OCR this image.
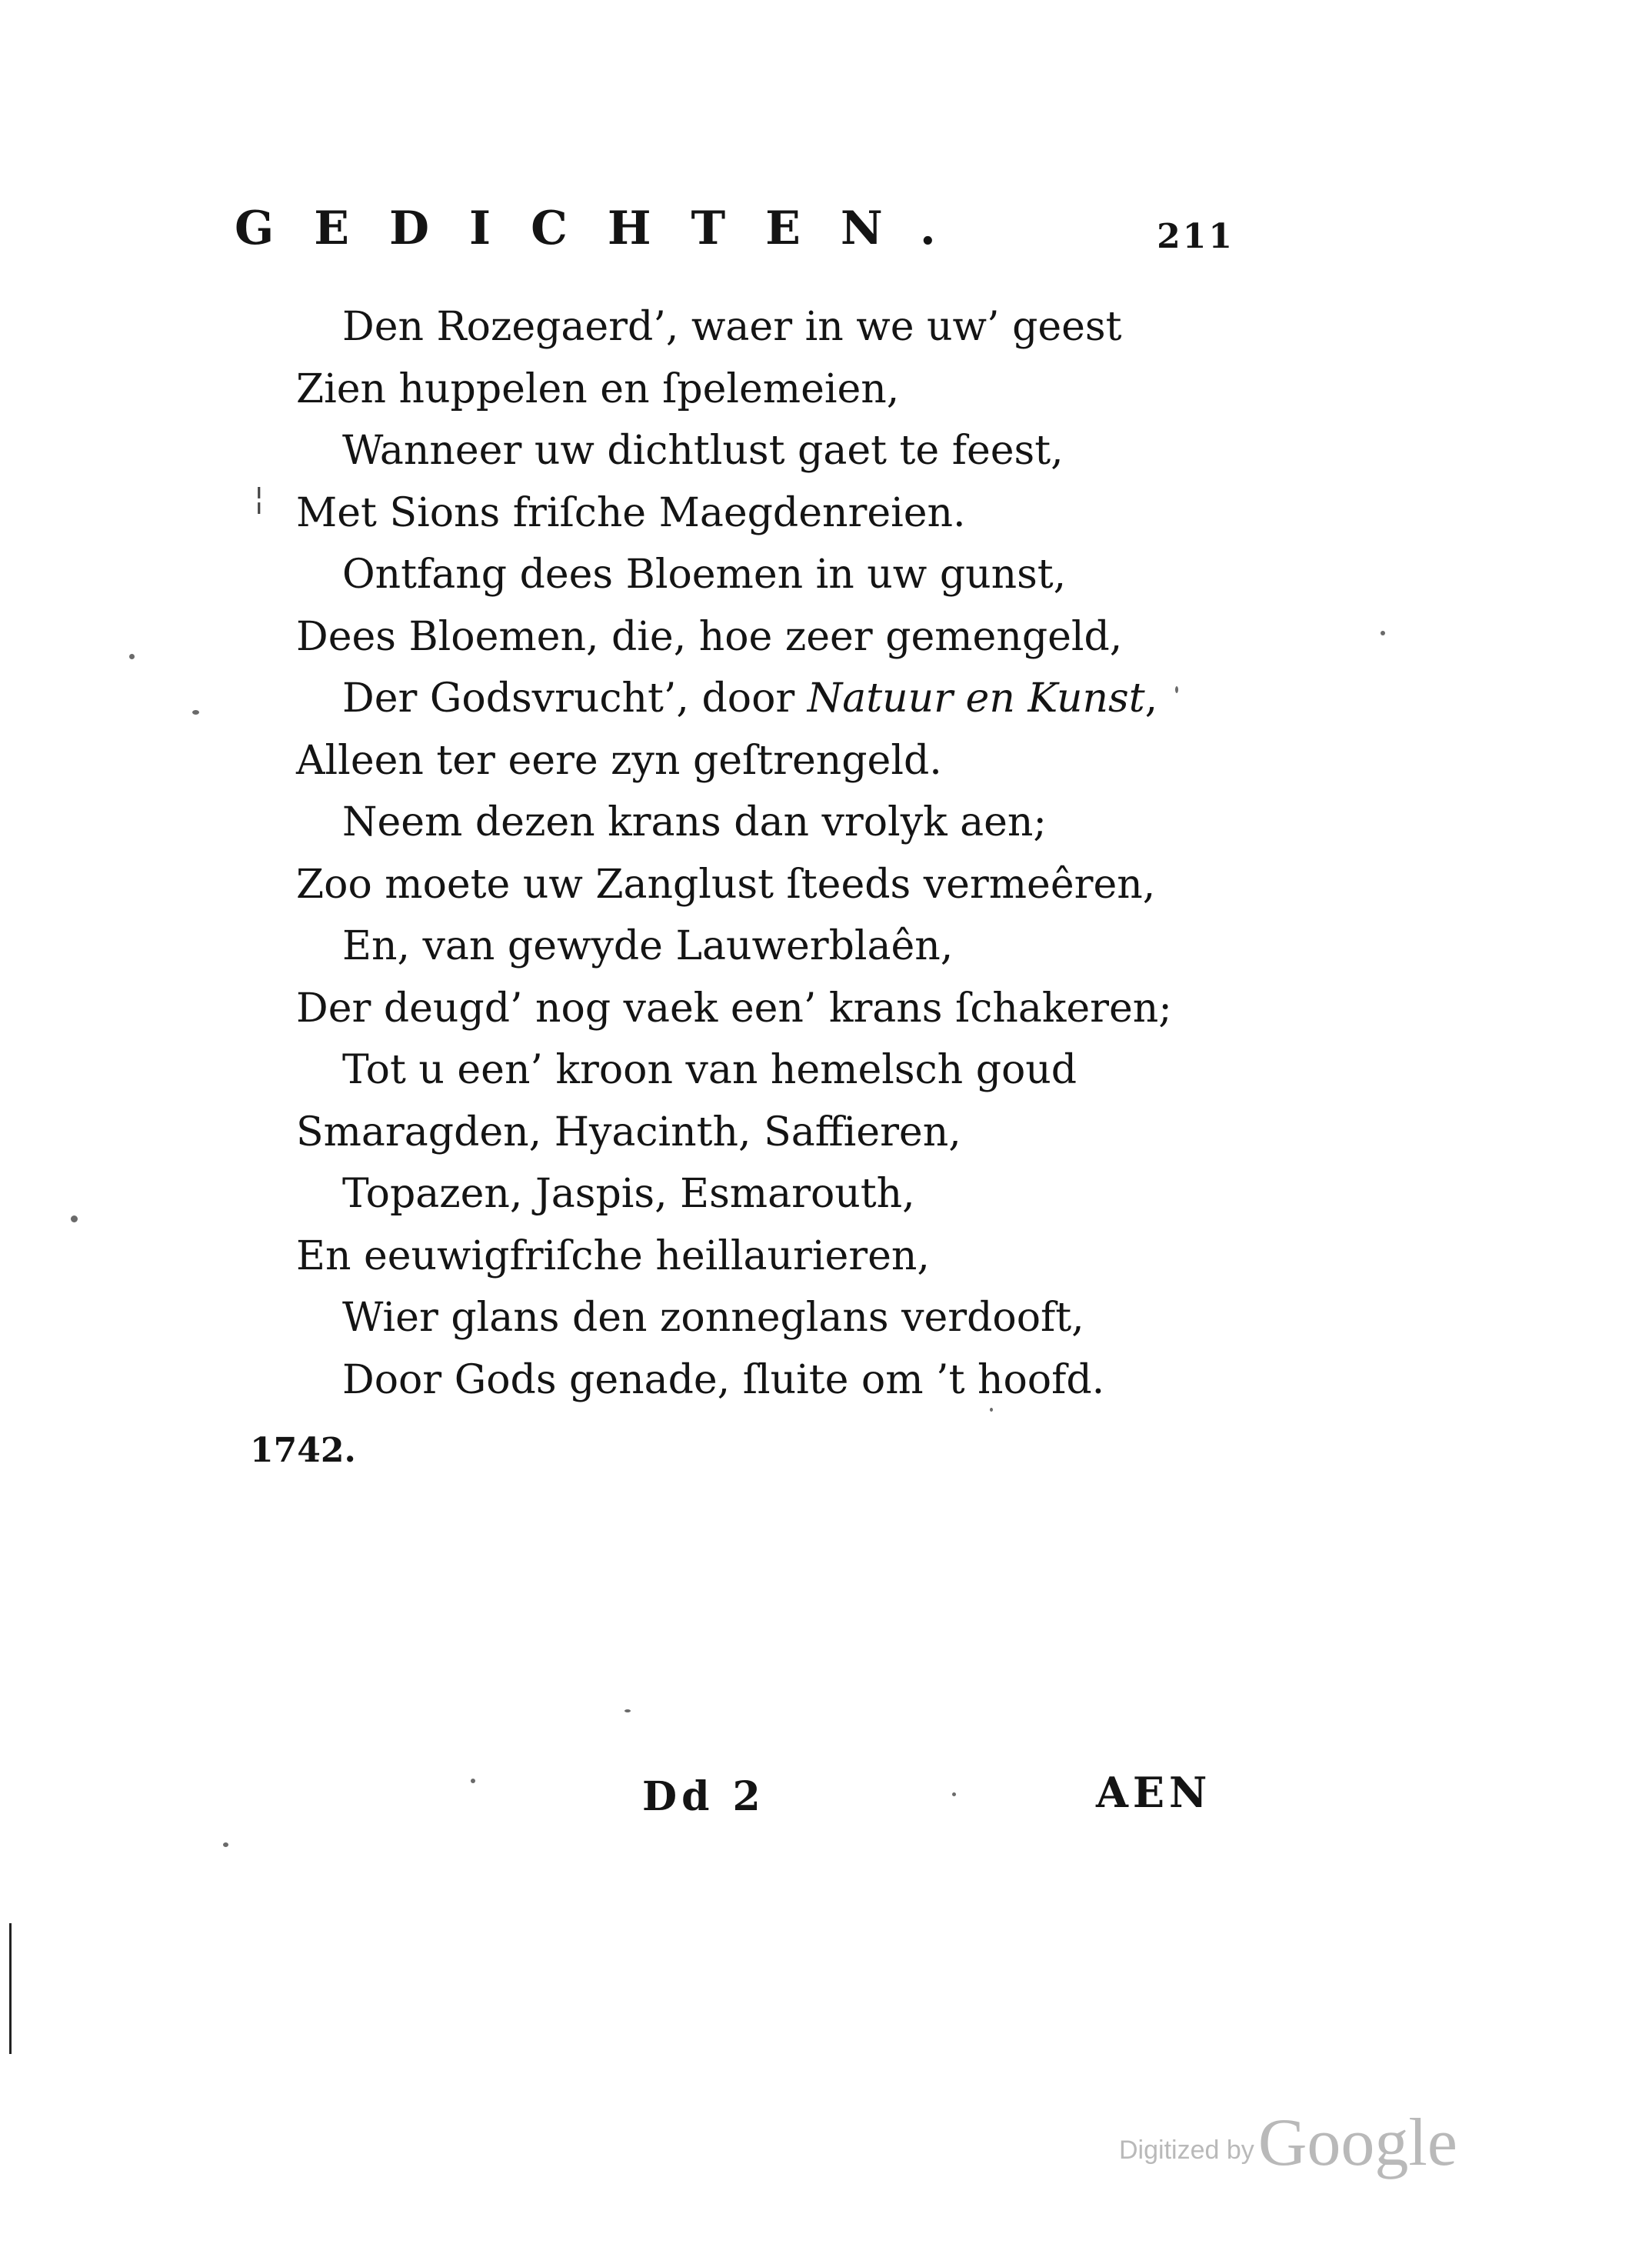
GEDICHTEN.	211
¦
Den Rozegaerd’, waer in we uw’ geest
Zien huppelen en ſpelemeien,
Wanneer uw dichtlust gaet te feest,
Met Sions friſche Maegdenreien.
Ontfang dees Bloemen in uw gunst,
Dees Bloemen, die, hoe zeer gemengeld,
Der Godsvrucht’, door Natuur en Kunst,
Alleen ter eere zyn geſtrengeld.
Neem dezen krans dan vrolyk aen;
Zoo moete uw Zanglust ſteeds vermeêren,
En, van gewyde Lauwerblaên,
Der deugd’ nog vaek een’ krans ſchakeren;
Tot u een’ kroon van hemelsch goud
Smaragden, Hyacinth, Saffieren,
Topazen, Jaspis, Esmarouth,
En eeuwigfriſche heillaurieren,
Wier glans den zonneglans verdooft,
Door Gods genade, ſluite om ’t hoofd.
1742.
Dd 2	AEN
Digitized by Google
